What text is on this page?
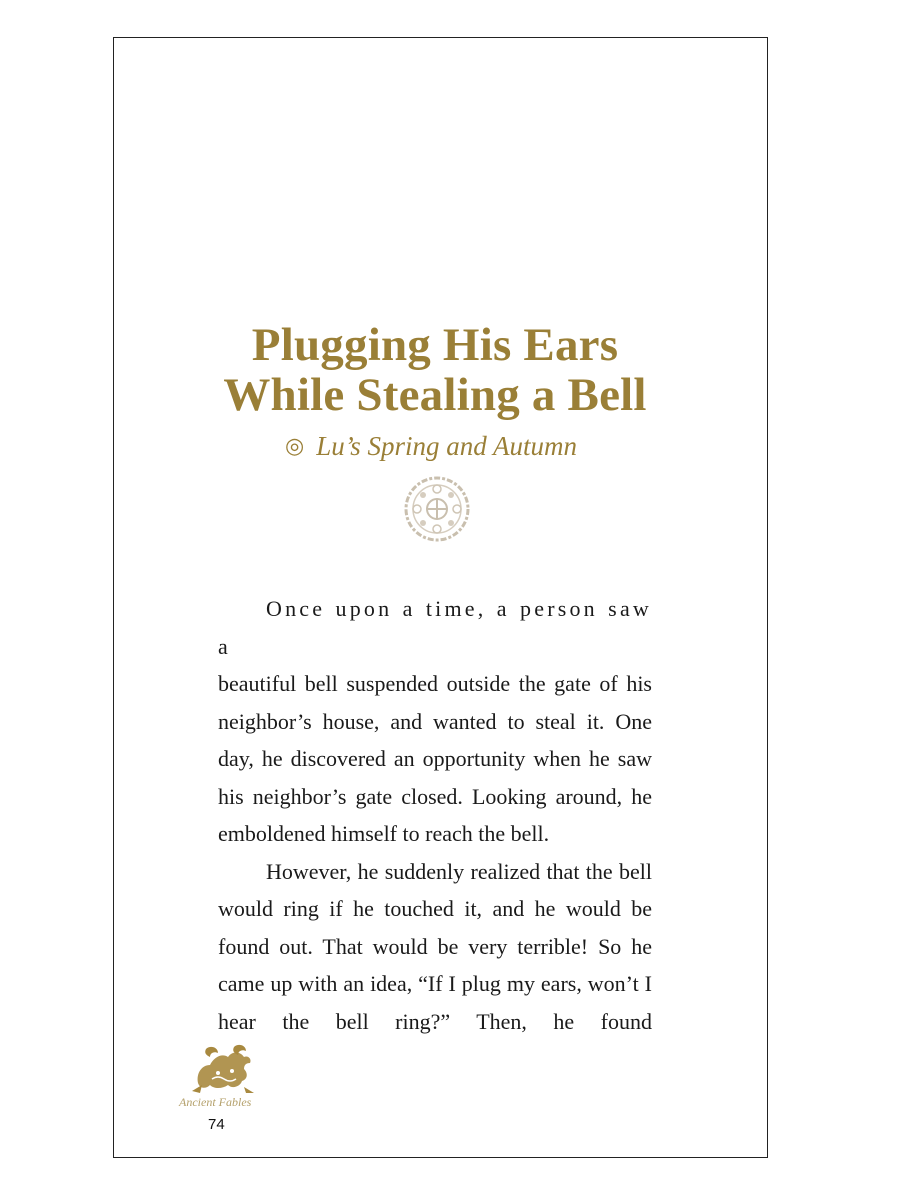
Plugging His Ears
While Stealing a Bell
◎ Lu’s Spring and Autumn

Once upon a time, a person saw a

beautiful bell suspended outside the gate of his neighbor’s house, and wanted to steal it. One day, he discovered an opportunity when he saw his neighbor’s gate closed. Looking around, he emboldened himself to reach the bell.

However, he suddenly realized that the bell would ring if he touched it, and he would be found out. That would be very terrible! So he came up with an idea, “If I plug my ears, won’t I hear the bell ring?” Then, he found

Ancient Fables
74
